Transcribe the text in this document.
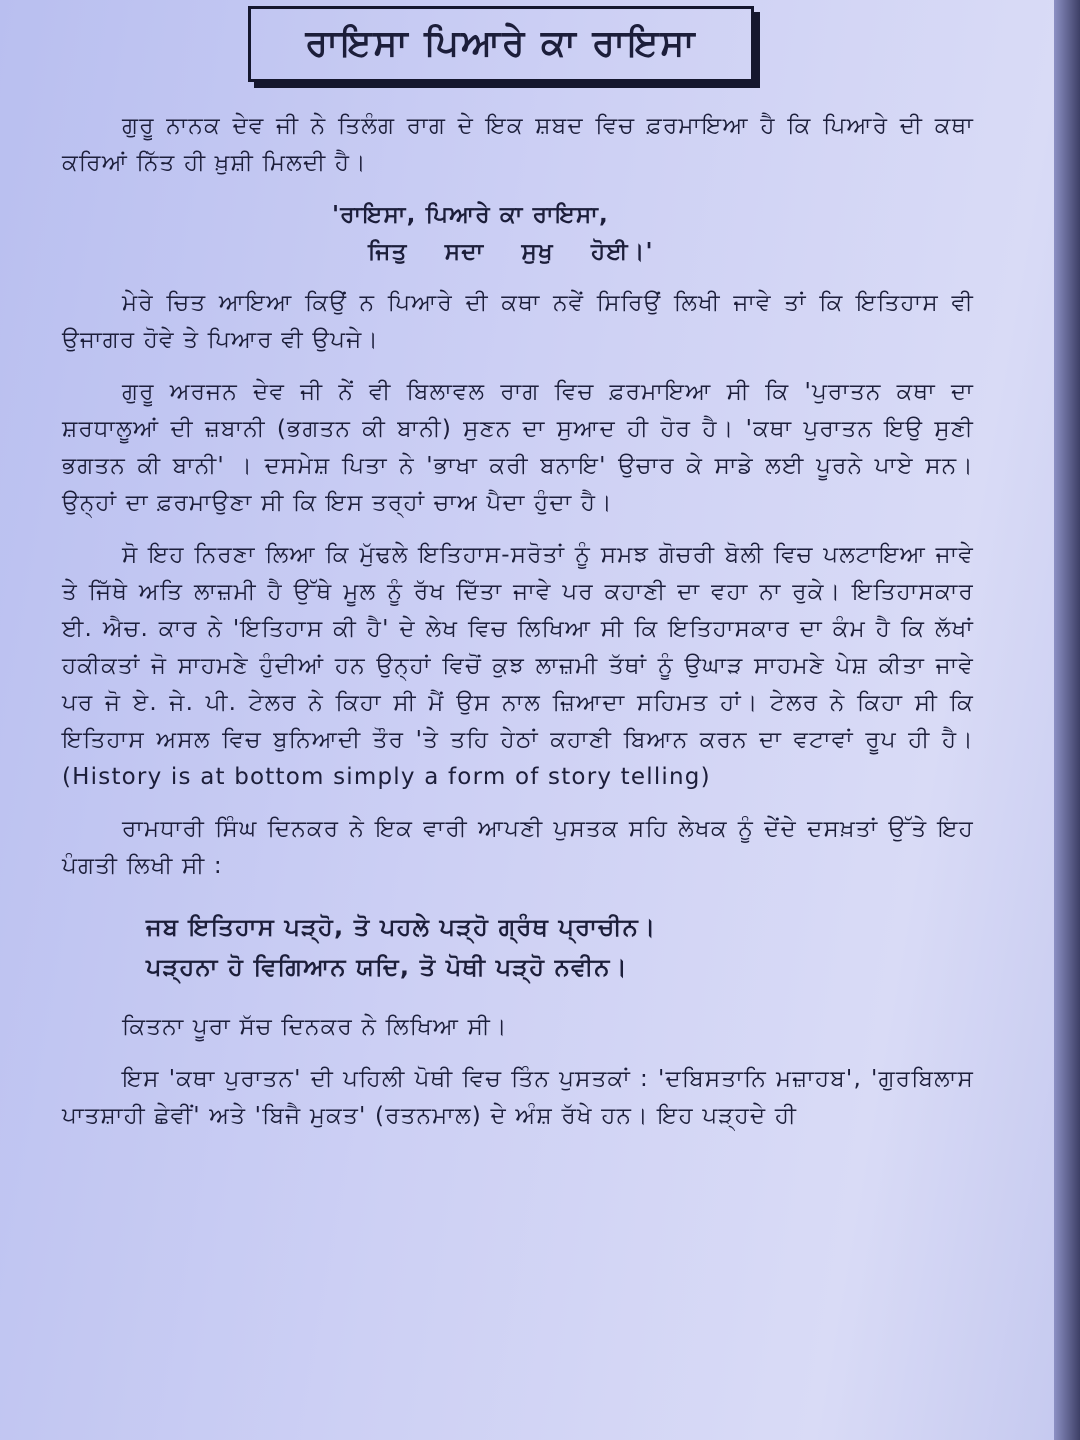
ਰਾਇਸਾ ਪਿਆਰੇ ਕਾ ਰਾਇਸਾ

ਗੁਰੂ ਨਾਨਕ ਦੇਵ ਜੀ ਨੇ ਤਿਲੰਗ ਰਾਗ ਦੇ ਇਕ ਸ਼ਬਦ ਵਿਚ ਫ਼ਰਮਾਇਆ ਹੈ ਕਿ ਪਿਆਰੇ ਦੀ ਕਥਾ ਕਰਿਆਂ ਨਿੱਤ ਹੀ ਖ਼ੁਸ਼ੀ ਮਿਲਦੀ ਹੈ।

'ਰਾਇਸਾ, ਪਿਆਰੇ ਕਾ ਰਾਇਸਾ,
ਜਿਤੁ ਸਦਾ ਸੁਖੁ ਹੋਈ।'

ਮੇਰੇ ਚਿਤ ਆਇਆ ਕਿਉਂ ਨ ਪਿਆਰੇ ਦੀ ਕਥਾ ਨਵੇਂ ਸਿਰਿਉਂ ਲਿਖੀ ਜਾਵੇ ਤਾਂ ਕਿ ਇਤਿਹਾਸ ਵੀ ਉਜਾਗਰ ਹੋਵੇ ਤੇ ਪਿਆਰ ਵੀ ਉਪਜੇ।

ਗੁਰੂ ਅਰਜਨ ਦੇਵ ਜੀ ਨੇਂ ਵੀ ਬਿਲਾਵਲ ਰਾਗ ਵਿਚ ਫ਼ਰਮਾਇਆ ਸੀ ਕਿ 'ਪੁਰਾਤਨ ਕਥਾ ਦਾ ਸ਼ਰਧਾਲੂਆਂ ਦੀ ਜ਼ਬਾਨੀ (ਭਗਤਨ ਕੀ ਬਾਨੀ) ਸੁਣਨ ਦਾ ਸੁਆਦ ਹੀ ਹੋਰ ਹੈ। 'ਕਥਾ ਪੁਰਾਤਨ ਇਉ ਸੁਣੀ ਭਗਤਨ ਕੀ ਬਾਨੀ' । ਦਸਮੇਸ਼ ਪਿਤਾ ਨੇ 'ਭਾਖਾ ਕਰੀ ਬਨਾਇ' ਉਚਾਰ ਕੇ ਸਾਡੇ ਲਈ ਪੂਰਨੇ ਪਾਏ ਸਨ। ਉਨ੍ਹਾਂ ਦਾ ਫ਼ਰਮਾਉਣਾ ਸੀ ਕਿ ਇਸ ਤਰ੍ਹਾਂ ਚਾਅ ਪੈਦਾ ਹੁੰਦਾ ਹੈ।

ਸੋ ਇਹ ਨਿਰਣਾ ਲਿਆ ਕਿ ਮੁੱਢਲੇ ਇਤਿਹਾਸ-ਸਰੋਤਾਂ ਨੂੰ ਸਮਝ ਗੋਚਰੀ ਬੋਲੀ ਵਿਚ ਪਲਟਾਇਆ ਜਾਵੇ ਤੇ ਜਿੱਥੇ ਅਤਿ ਲਾਜ਼ਮੀ ਹੈ ਉੱਥੇ ਮੂਲ ਨੂੰ ਰੱਖ ਦਿੱਤਾ ਜਾਵੇ ਪਰ ਕਹਾਣੀ ਦਾ ਵਹਾ ਨਾ ਰੁਕੇ। ਇਤਿਹਾਸਕਾਰ ਈ. ਐਚ. ਕਾਰ ਨੇ 'ਇਤਿਹਾਸ ਕੀ ਹੈ' ਦੇ ਲੇਖ ਵਿਚ ਲਿਖਿਆ ਸੀ ਕਿ ਇਤਿਹਾਸਕਾਰ ਦਾ ਕੰਮ ਹੈ ਕਿ ਲੱਖਾਂ ਹਕੀਕਤਾਂ ਜੋ ਸਾਹਮਣੇ ਹੁੰਦੀਆਂ ਹਨ ਉਨ੍ਹਾਂ ਵਿਚੋਂ ਕੁਝ ਲਾਜ਼ਮੀ ਤੱਥਾਂ ਨੂੰ ਉਘਾੜ ਸਾਹਮਣੇ ਪੇਸ਼ ਕੀਤਾ ਜਾਵੇ ਪਰ ਜੋ ਏ. ਜੇ. ਪੀ. ਟੇਲਰ ਨੇ ਕਿਹਾ ਸੀ ਮੈਂ ਉਸ ਨਾਲ ਜ਼ਿਆਦਾ ਸਹਿਮਤ ਹਾਂ। ਟੇਲਰ ਨੇ ਕਿਹਾ ਸੀ ਕਿ ਇਤਿਹਾਸ ਅਸਲ ਵਿਚ ਬੁਨਿਆਦੀ ਤੌਰ 'ਤੇ ਤਹਿ ਹੇਠਾਂ ਕਹਾਣੀ ਬਿਆਨ ਕਰਨ ਦਾ ਵਟਾਵਾਂ ਰੂਪ ਹੀ ਹੈ। (History is at bottom simply a form of story telling)

ਰਾਮਧਾਰੀ ਸਿੰਘ ਦਿਨਕਰ ਨੇ ਇਕ ਵਾਰੀ ਆਪਣੀ ਪੁਸਤਕ ਸਹਿ ਲੇਖਕ ਨੂੰ ਦੇਂਦੇ ਦਸਖ਼ਤਾਂ ਉੱਤੇ ਇਹ ਪੰਗਤੀ ਲਿਖੀ ਸੀ :

ਜਬ ਇਤਿਹਾਸ ਪੜ੍ਹੋ, ਤੋ ਪਹਲੇ ਪੜ੍ਹੋ ਗ੍ਰੰਥ ਪ੍ਰਾਚੀਨ।
ਪੜ੍ਹਨਾ ਹੋ ਵਿਗਿਆਨ ਯਦਿ, ਤੋ ਪੋਥੀ ਪੜ੍ਹੋ ਨਵੀਨ।

ਕਿਤਨਾ ਪੂਰਾ ਸੱਚ ਦਿਨਕਰ ਨੇ ਲਿਖਿਆ ਸੀ।

ਇਸ 'ਕਥਾ ਪੁਰਾਤਨ' ਦੀ ਪਹਿਲੀ ਪੋਥੀ ਵਿਚ ਤਿੰਨ ਪੁਸਤਕਾਂ : 'ਦਬਿਸਤਾਨਿ ਮਜ਼ਾਹਬ', 'ਗੁਰਬਿਲਾਸ ਪਾਤਸ਼ਾਹੀ ਛੇਵੀਂ' ਅਤੇ 'ਬਿਜੈ ਮੁਕਤ' (ਰਤਨਮਾਲ) ਦੇ ਅੰਸ਼ ਰੱਖੇ ਹਨ। ਇਹ ਪੜ੍ਹਦੇ ਹੀ
